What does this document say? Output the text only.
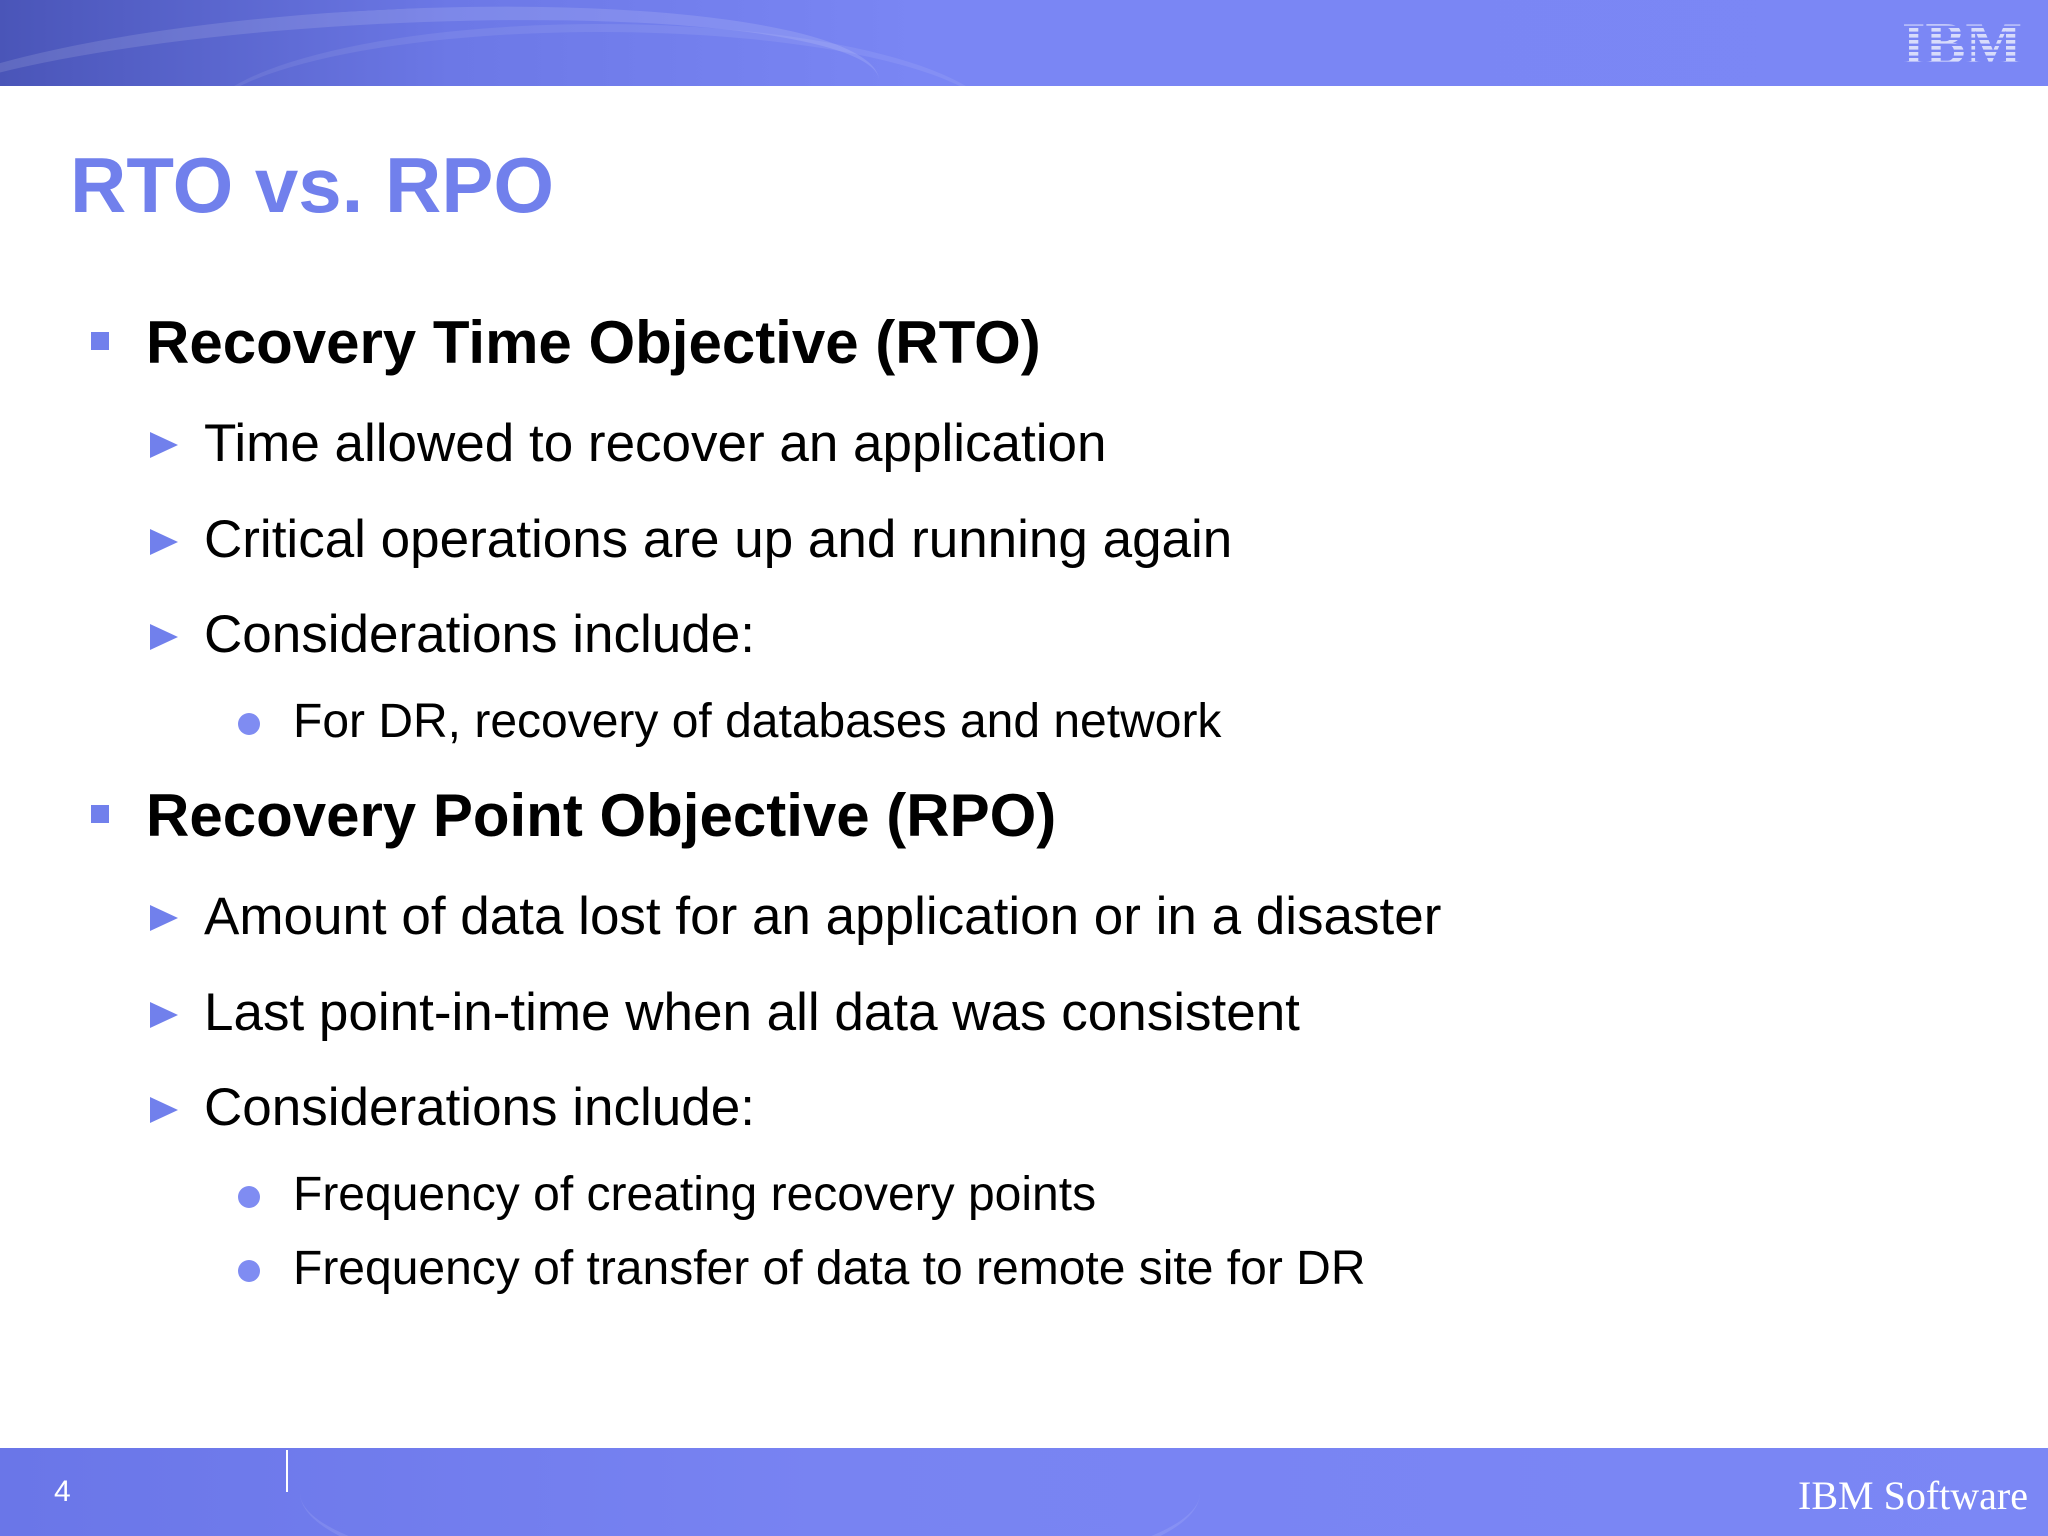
IBM
RTO vs. RPO
Recovery Time Objective (RTO)
Time allowed to recover an application
Critical operations are up and running again
Considerations include:
For DR, recovery of databases and network
Recovery Point Objective (RPO)
Amount of data lost for an application or in a disaster
Last point-in-time when all data was consistent
Considerations include:
Frequency of creating recovery points
Frequency of transfer of data to remote site for DR
4	IBM Software
